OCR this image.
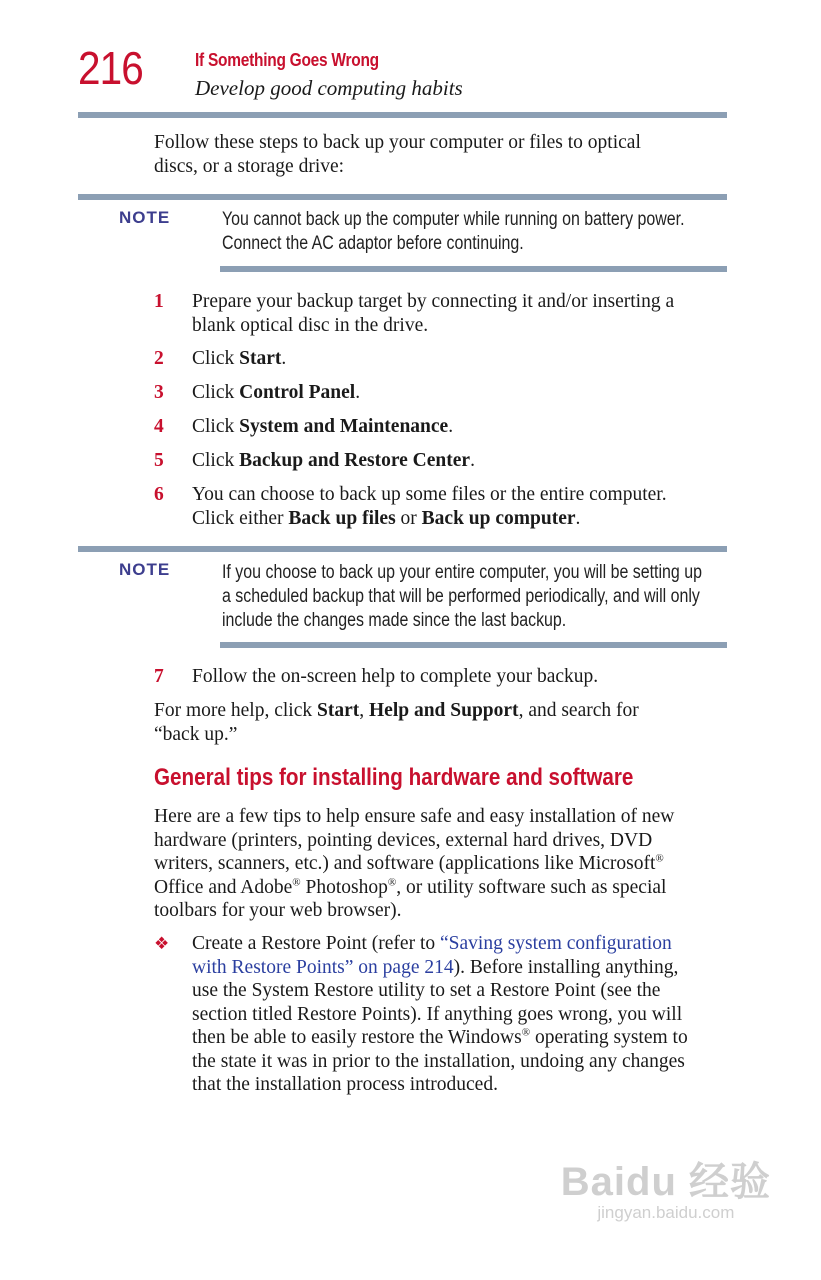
216	If Something Goes Wrong
Develop good computing habits
Follow these steps to back up your computer or files to optical
discs, or a storage drive:
NOTE	You cannot back up the computer while running on battery power.
Connect the AC adaptor before continuing.
1 Prepare your backup target by connecting it and/or inserting a
blank optical disc in the drive.
2 Click Start.
3 Click Control Panel.
4 Click System and Maintenance.
5 Click Backup and Restore Center.
6 You can choose to back up some files or the entire computer.
Click either Back up files or Back up computer.
NOTE	If you choose to back up your entire computer, you will be setting up
a scheduled backup that will be performed periodically, and will only
include the changes made since the last backup.
7 Follow the on-screen help to complete your backup.
For more help, click Start, Help and Support, and search for
“back up.”
General tips for installing hardware and software
Here are a few tips to help ensure safe and easy installation of new
hardware (printers, pointing devices, external hard drives, DVD
writers, scanners, etc.) and software (applications like Microsoft®
Office and Adobe® Photoshop®, or utility software such as special
toolbars for your web browser).
❖ Create a Restore Point (refer to “Saving system configuration
with Restore Points” on page 214). Before installing anything,
use the System Restore utility to set a Restore Point (see the
section titled Restore Points). If anything goes wrong, you will
then be able to easily restore the Windows® operating system to
the state it was in prior to the installation, undoing any changes
that the installation process introduced.
Baidu 经验
jingyan.baidu.com
